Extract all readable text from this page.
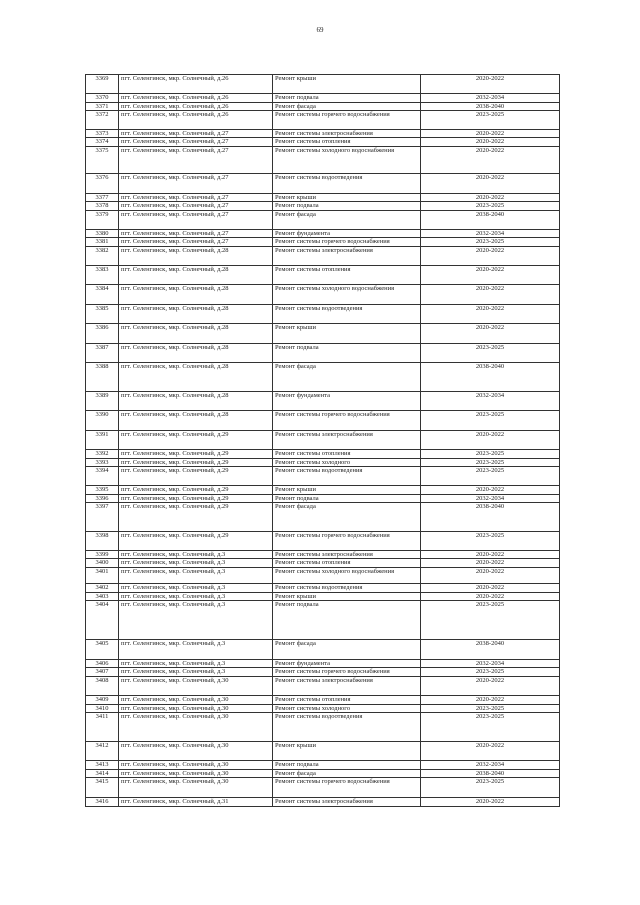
69
3369	пгт. Селенгинск, мкр. Солнечный, д.26	Ремонт крыши	2020-2022
3370	пгт. Селенгинск, мкр. Солнечный, д.26	Ремонт подвала	2032-2034
3371	пгт. Селенгинск, мкр. Солнечный, д.26	Ремонт фасада	2038-2040
3372	пгт. Селенгинск, мкр. Солнечный, д.26	Ремонт системы горячего водоснабжения	2023-2025
3373	пгт. Селенгинск, мкр. Солнечный, д.27	Ремонт системы электроснабжения	2020-2022
3374	пгт. Селенгинск, мкр. Солнечный, д.27	Ремонт системы отопления	2020-2022
3375	пгт. Селенгинск, мкр. Солнечный, д.27	Ремонт системы холодного водоснабжения	2020-2022
3376	пгт. Селенгинск, мкр. Солнечный, д.27	Ремонт системы водоотведения	2020-2022
3377	пгт. Селенгинск, мкр. Солнечный, д.27	Ремонт крыши	2020-2022
3378	пгт. Селенгинск, мкр. Солнечный, д.27	Ремонт подвала	2023-2025
3379	пгт. Селенгинск, мкр. Солнечный, д.27	Ремонт фасада	2038-2040
3380	пгт. Селенгинск, мкр. Солнечный, д.27	Ремонт фундамента	2032-2034
3381	пгт. Селенгинск, мкр. Солнечный, д.27	Ремонт системы горячего водоснабжения	2023-2025
3382	пгт. Селенгинск, мкр. Солнечный, д.28	Ремонт системы электроснабжения	2020-2022
3383	пгт. Селенгинск, мкр. Солнечный, д.28	Ремонт системы отопления	2020-2022
3384	пгт. Селенгинск, мкр. Солнечный, д.28	Ремонт системы холодного водоснабжения	2020-2022
3385	пгт. Селенгинск, мкр. Солнечный, д.28	Ремонт системы водоотведения	2020-2022
3386	пгт. Селенгинск, мкр. Солнечный, д.28	Ремонт крыши	2020-2022
3387	пгт. Селенгинск, мкр. Солнечный, д.28	Ремонт подвала	2023-2025
3388	пгт. Селенгинск, мкр. Солнечный, д.28	Ремонт фасада	2038-2040
3389	пгт. Селенгинск, мкр. Солнечный, д.28	Ремонт фундамента	2032-2034
3390	пгт. Селенгинск, мкр. Солнечный, д.28	Ремонт системы горячего водоснабжения	2023-2025
3391	пгт. Селенгинск, мкр. Солнечный, д.29	Ремонт системы электроснабжения	2020-2022
3392	пгт. Селенгинск, мкр. Солнечный, д.29	Ремонт системы отопления	2023-2025
3393	пгт. Селенгинск, мкр. Солнечный, д.29	Ремонт системы холодного	2023-2025
3394	пгт. Селенгинск, мкр. Солнечный, д.29	Ремонт системы водоотведения	2023-2025
3395	пгт. Селенгинск, мкр. Солнечный, д.29	Ремонт крыши	2020-2022
3396	пгт. Селенгинск, мкр. Солнечный, д.29	Ремонт подвала	2032-2034
3397	пгт. Селенгинск, мкр. Солнечный, д.29	Ремонт фасада	2038-2040
3398	пгт. Селенгинск, мкр. Солнечный, д.29	Ремонт системы горячего водоснабжения	2023-2025
3399	пгт. Селенгинск, мкр. Солнечный, д.3	Ремонт системы электроснабжения	2020-2022
3400	пгт. Селенгинск, мкр. Солнечный, д.3	Ремонт системы отопления	2020-2022
3401	пгт. Селенгинск, мкр. Солнечный, д.3	Ремонт системы холодного водоснабжения	2020-2022
3402	пгт. Селенгинск, мкр. Солнечный, д.3	Ремонт системы водоотведения	2020-2022
3403	пгт. Селенгинск, мкр. Солнечный, д.3	Ремонт крыши	2020-2022
3404	пгт. Селенгинск, мкр. Солнечный, д.3	Ремонт подвала	2023-2025
3405	пгт. Селенгинск, мкр. Солнечный, д.3	Ремонт фасада	2038-2040
3406	пгт. Селенгинск, мкр. Солнечный, д.3	Ремонт фундамента	2032-2034
3407	пгт. Селенгинск, мкр. Солнечный, д.3	Ремонт системы горячего водоснабжения	2023-2025
3408	пгт. Селенгинск, мкр. Солнечный, д.30	Ремонт системы электроснабжения	2020-2022
3409	пгт. Селенгинск, мкр. Солнечный, д.30	Ремонт системы отопления	2020-2022
3410	пгт. Селенгинск, мкр. Солнечный, д.30	Ремонт системы холодного	2023-2025
3411	пгт. Селенгинск, мкр. Солнечный, д.30	Ремонт системы водоотведения	2023-2025
3412	пгт. Селенгинск, мкр. Солнечный, д.30	Ремонт крыши	2020-2022
3413	пгт. Селенгинск, мкр. Солнечный, д.30	Ремонт подвала	2032-2034
3414	пгт. Селенгинск, мкр. Солнечный, д.30	Ремонт фасада	2038-2040
3415	пгт. Селенгинск, мкр. Солнечный, д.30	Ремонт системы горячего водоснабжения	2023-2025
3416	пгт. Селенгинск, мкр. Солнечный, д.31	Ремонт системы электроснабжения	2020-2022
